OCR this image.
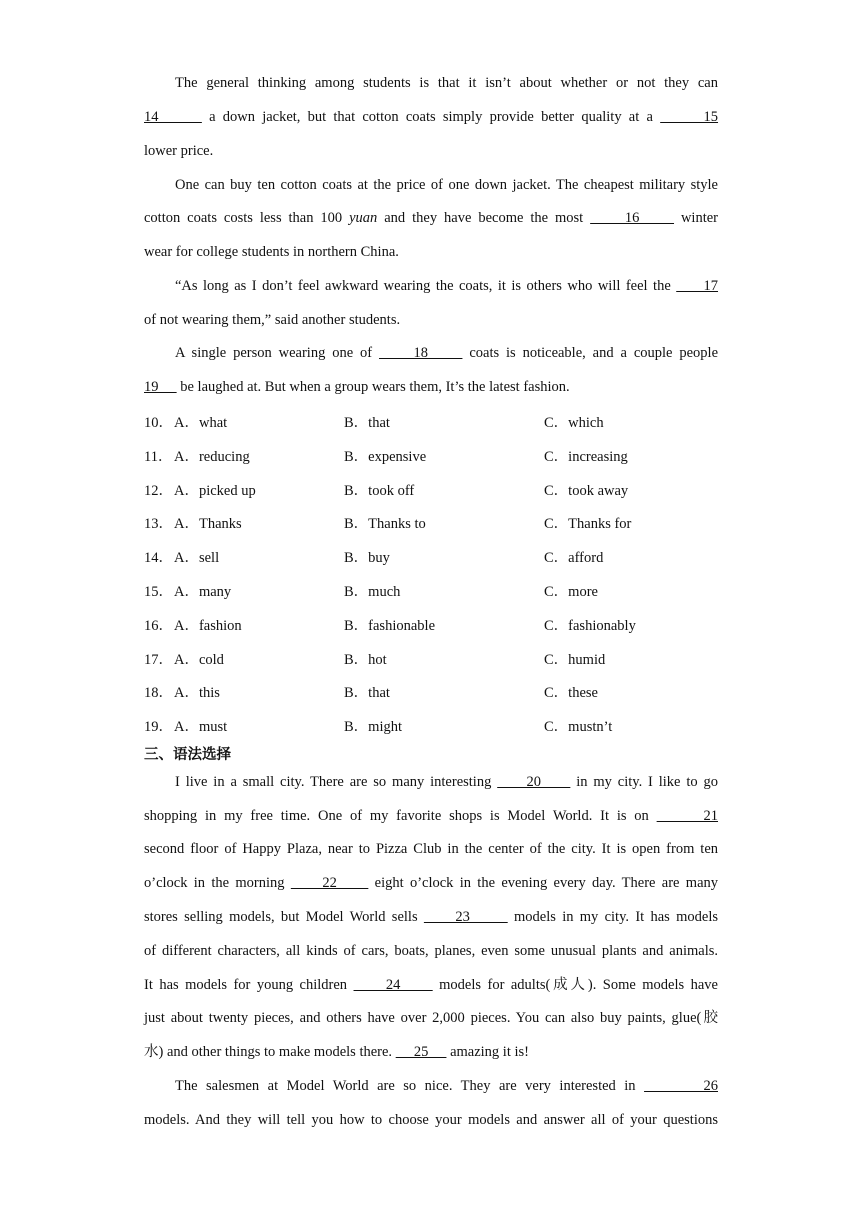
The general thinking among students is that it isn’t about whether or not they can
14       a down jacket, but that cotton coats simply provide better quality at a       15
lower price.
One can buy ten cotton coats at the price of one down jacket. The cheapest military style
cotton coats costs less than 100 yuan and they have become the most      16      winter
wear for college students in northern China.
“As long as I don’t feel awkward wearing the coats, it is others who will feel the      17
of not wearing them,” said another students.
A single person wearing one of      18      coats is noticeable, and a couple people
19      be laughed at. But when a group wears them, It’s the latest fashion.
10． A．what	B．that	C．which
11． A．reducing	B．expensive	C．increasing
12． A．picked up	B．took off	C．took away
13． A．Thanks	B．Thanks to	C．Thanks for
14． A．sell	B．buy	C．afford
15． A．many	B．much	C．more
16． A．fashion	B．fashionable	C．fashionably
17． A．cold	B．hot	C．humid
18． A．this	B．that	C．these
19． A．must	B．might	C．mustn’t
三、语法选择
I live in a small city. There are so many interesting      20      in my city. I like to go
shopping in my free time. One of my favorite shops is Model World. It is on       21
second floor of Happy Plaza, near to Pizza Club in the center of the city. It is open from ten
o’clock in the morning      22      eight o’clock in the evening every day. There are many
stores selling models, but Model World sells      23       models in my city. It has models
of different characters, all kinds of cars, boats, planes, even some unusual plants and animals.
It has models for young children      24      models for adults(成人). Some models have
just about twenty pieces, and others have over 2,000 pieces. You can also buy paints, glue(胶
水) and other things to make models there.      25      amazing it is!
The salesmen at Model World are so nice. They are very interested in        26
models. And they will tell you how to choose your models and answer all of your questions
